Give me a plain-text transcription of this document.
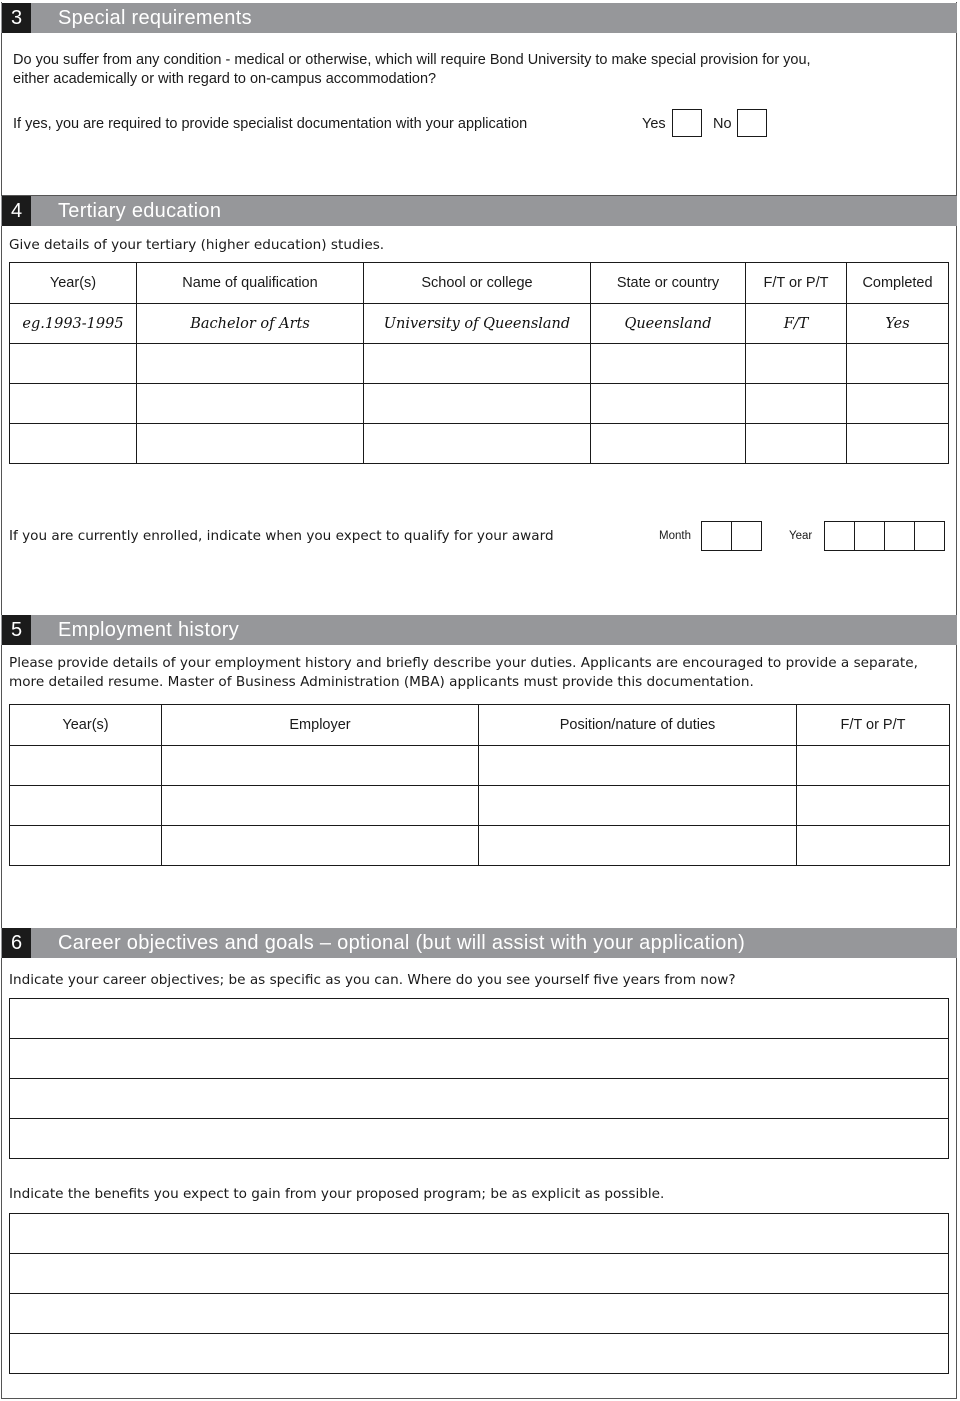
3	Special requirements
Do you suffer from any condition - medical or otherwise, which will require Bond University to make special provision for you,
either academically or with regard to on-campus accommodation?
If yes, you are required to provide specialist documentation with your application	Yes	No
4	Tertiary education
Give details of your tertiary (higher education) studies.
Year(s)	Name of qualification	School or college	State or country	F/T or P/T	Completed
eg.1993-1995	Bachelor of Arts	University of Queensland	Queensland	F/T	Yes

If you are currently enrolled, indicate when you expect to qualify for your award	Month	Year
5	Employment history
Please provide details of your employment history and briefly describe your duties. Applicants are encouraged to provide a separate,
more detailed resume. Master of Business Administration (MBA) applicants must provide this documentation.
Year(s)	Employer	Position/nature of duties	F/T or P/T

6	Career objectives and goals – optional (but will assist with your application)
Indicate your career objectives; be as specific as you can. Where do you see yourself five years from now?

Indicate the benefits you expect to gain from your proposed program; be as explicit as possible.
